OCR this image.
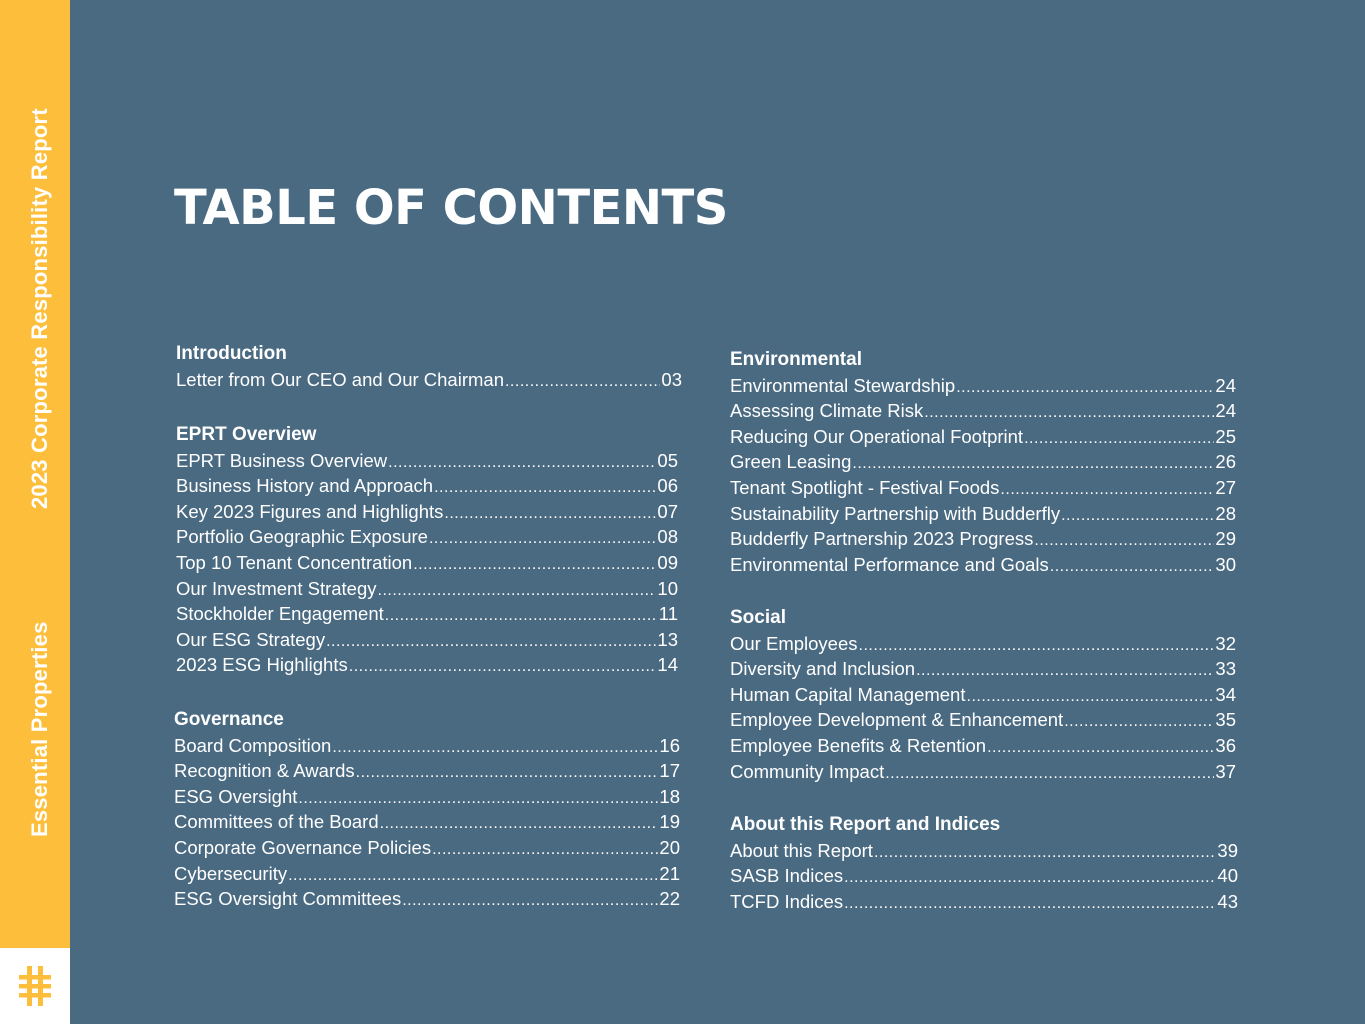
2023 Corporate Responsibility Report
Essential Properties
TABLE OF CONTENTS
Introduction
Letter from Our CEO and Our Chairman .....	03
EPRT Overview
EPRT Business Overview .....	05
Business History and Approach .....	06
Key 2023 Figures and Highlights .....	07
Portfolio Geographic Exposure .....	08
Top 10 Tenant Concentration .....	09
Our Investment Strategy .....	10
Stockholder Engagement .....	11
Our ESG Strategy .....	13
2023 ESG Highlights .....	14
Governance
Board Composition .....	16
Recognition & Awards .....	17
ESG Oversight .....	18
Committees of the Board .....	19
Corporate Governance Policies .....	20
Cybersecurity .....	21
ESG Oversight Committees .....	22
Environmental
Environmental Stewardship .....	24
Assessing Climate Risk .....	24
Reducing Our Operational Footprint .....	25
Green Leasing .....	26
Tenant Spotlight - Festival Foods .....	27
Sustainability Partnership with Budderfly .....	28
Budderfly Partnership 2023 Progress .....	29
Environmental Performance and Goals .....	30
Social
Our Employees .....	32
Diversity and Inclusion .....	33
Human Capital Management .....	34
Employee Development & Enhancement .....	35
Employee Benefits & Retention .....	36
Community Impact .....	37
About this Report and Indices
About this Report .....	39
SASB Indices .....	40
TCFD Indices .....	43
